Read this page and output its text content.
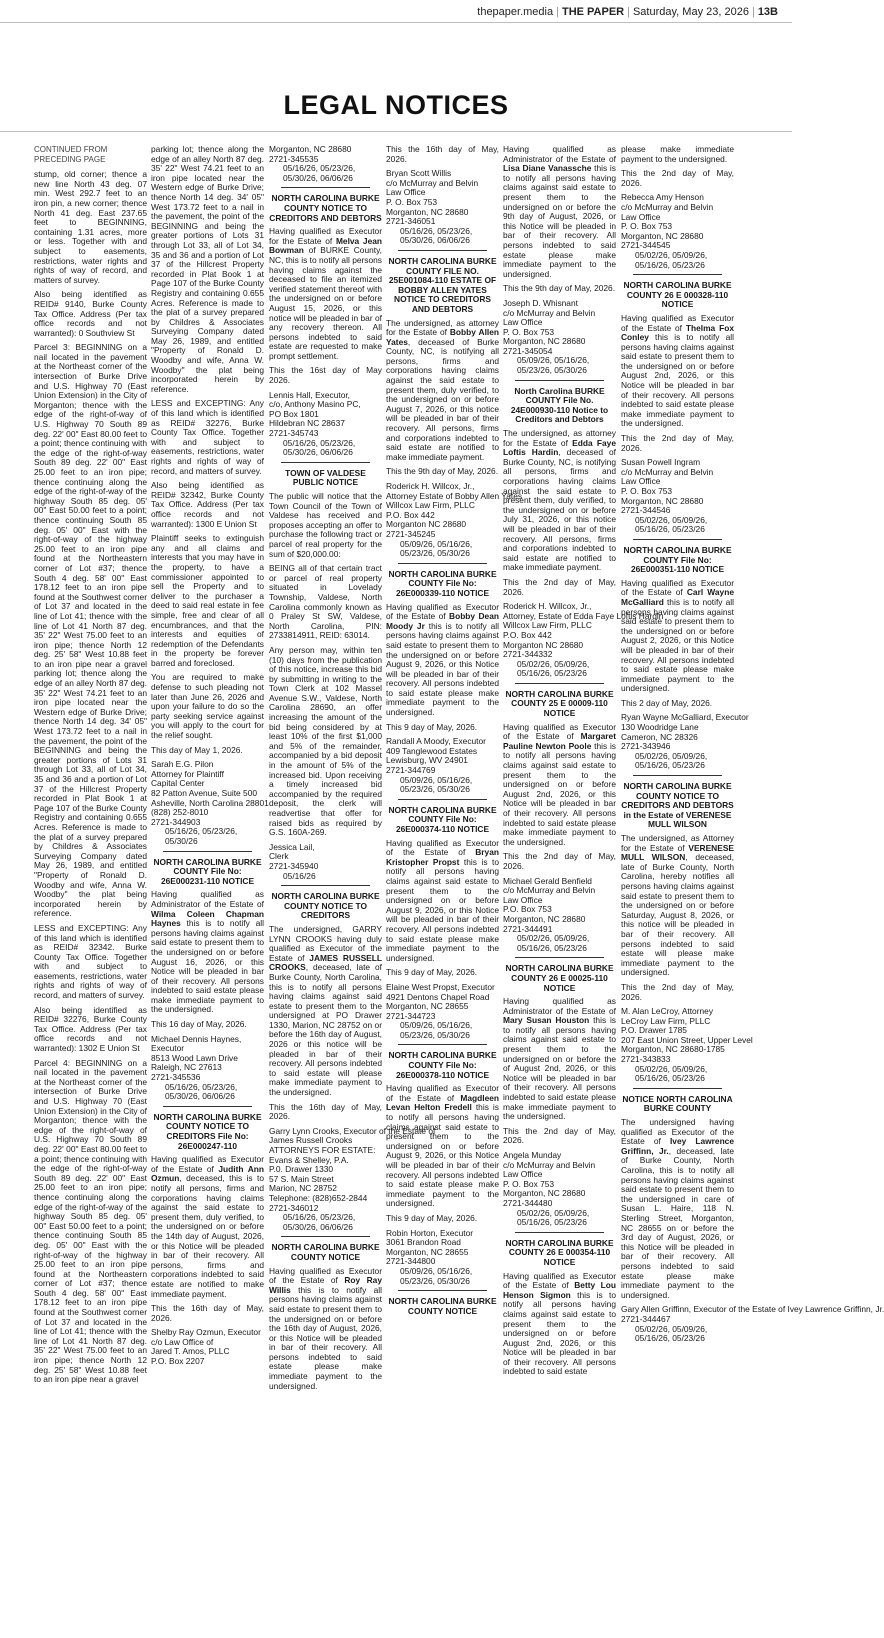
thepaper.media | THE PAPER | Saturday, May 23, 2026 | 13B
LEGAL NOTICES
CONTINUED FROM PRECEDING PAGE

stump, old corner; thence a new line North 43 deg. 07 min. West 292.7 feet to an iron pin, a new corner; thence North 41 deg. East 237.65 feet to BEGINNING, containing 1.31 acres, more or less. Together with and subject to easements, restrictions, water rights and rights of way of record, and matters of survey.

Also being identified as REID# 9140, Burke County Tax Office. Address (Per tax office records and not warranted): 0 Southview St

Parcel 3: BEGINNING on a nail located in the pavement at the Northeast corner of the intersection of Burke Drive and U.S. Highway 70 (East Union Extension) in the City of Morganton; thence with the edge of the right-of-way of U.S. Highway 70 South 89 deg. 22' 00" East 80.00 feet to a point; thence continuing with the edge of the right-of-way South 89 deg. 22' 00" East 25.00 feet to an iron pipe; thence continuing along the edge of the right-of-way of the highway South 85 deg. 05' 00" East 50.00 feet to a point; thence continuing South 85 deg. 05' 00" East with the right-of-way of the highway 25.00 feet to an iron pipe found at the Northeastern corner of Lot #37; thence South 4 deg. 58' 00" East 178.12 feet to an iron pipe found at the Southwest corner of Lot 37 and located in the line of Lot 41; thence with the line of Lot 41 North 87 deg. 35' 22" West 75.00 feet to an iron pipe; thence North 12 deg. 25' 58" West 10.88 feet to an iron pipe near a gravel parking lot; thence along the edge of an alley North 87 deg. 35' 22" West 74.21 feet to an iron pipe located near the Western edge of Burke Drive; thence North 14 deg. 34' 05" West 173.72 feet to a nail in the pavement, the point of the BEGINNING and being the greater portions of Lots 31 through Lot 33, all of Lot 34, 35 and 36 and a portion of Lot 37 of the Hillcrest Property recorded in Plat Book 1 at Page 107 of the Burke County Registry and containing 0.655 Acres. Reference is made to the plat of a survey prepared by Childres & Associates Surveying Company dated May 26, 1989, and entitled "Property of Ronald D. Woodby and wife, Anna W. Woodby" the plat being incorporated herein by reference.

LESS and EXCEPTING: Any of this land which is identified as REID# 32342. Burke County Tax Office. Together with and subject to easements, restrictions, water rights and rights of way of record, and matters of survey.

Also being identified as REID# 32276, Burke County Tax Office. Address (Per tax office records and not warranted): 1302 E Union St

Parcel 4: BEGINNING on a nail located in the pavement at the Northeast corner of the intersection of Burke Drive and U.S. Highway 70 (East Union Extension) in the City of Morganton; thence with the edge of the right-of-way of U.S. Highway 70 South 89 deg. 22' 00" East 80.00 feet to a point; thence continuing with the edge of the right-of-way South 89 deg. 22' 00" East 25.00 feet to an iron pipe; thence continuing along the edge of the right-of-way of the highway South 85 deg. 05' 00" East 50.00 feet to a point; thence continuing South 85 deg. 05' 00" East with the right-of-way of the highway 25.00 feet to an iron pipe found at the Northeastern corner of Lot #37; thence South 4 deg. 58' 00" East 178.12 feet to an iron pipe found at the Southwest corner of Lot 37 and located in the line of Lot 41; thence with the line of Lot 41 North 87 deg. 35' 22" West 75.00 feet to an iron pipe; thence North 12 deg. 25' 58" West 10.88 feet to an iron pipe near a gravel

parking lot; thence along the edge of an alley North 87 deg. 35' 22" West 74.21 feet to an iron pipe located near the Western edge of Burke Drive; thence North 14 deg. 34' 05" West 173.72 feet to a nail in the pavement, the point of the BEGINNING and being the greater portions of Lots 31 through Lot 33, all of Lot 34, 35 and 36 and a portion of Lot 37 of the Hillcrest Property recorded in Plat Book 1 at Page 107 of the Burke County Registry and containing 0.655 Acres. Reference is made to the plat of a survey prepared by Childres & Associates Surveying Company dated May 26, 1989, and entitled "Property of Ronald D. Woodby and wife, Anna W. Woodby" the plat being incorporated herein by reference.

LESS and EXCEPTING: Any of this land which is identified as REID# 32276, Burke County Tax Office. Together with and subject to easements, restrictions, water rights and rights of way of record, and matters of survey.

Also being identified as REID# 32342, Burke County Tax Office. Address (Per tax office records and not warranted): 1300 E Union St

Plaintiff seeks to extinguish any and all claims and interests that you may have in the property, to have a commissioner appointed to sell the Property and to deliver to the purchaser a deed to said real estate in fee simple, free and clear of all encumbrances, and that the interests and equities of redemption of the Defendants in the property be forever barred and foreclosed.

You are required to make defense to such pleading not later than June 26, 2026 and upon your failure to do so the party seeking service against you will apply to the court for the relief sought.

This day of May 1, 2026.

Sarah E.G. Pilon
Attorney for Plaintiff
Capital Center
82 Patton Avenue, Suite 500
Asheville, North Carolina 28801
(828) 252-8010
2721-344903
05/16/26, 05/23/26, 05/30/26
NORTH CAROLINA BURKE COUNTY File No: 26E000231-110 NOTICE

Having qualified as Administrator of the Estate of Wilma Coleen Chapman Haynes this is to notify all persons having claims against said estate to present them to the undersigned on or before August 16, 2026, or this Notice will be pleaded in bar of their recovery. All persons indebted to said estate please make immediate payment to the undersigned.

This 16 day of May, 2026.

Michael Dennis Haynes,
Executor
8513 Wood Lawn Drive
Raleigh, NC 27613
2721-345536
05/16/26, 05/23/26, 05/30/26, 06/06/26
NORTH CAROLINA BURKE COUNTY NOTICE TO CREDITORS File No: 26E000247-110

Having qualified as Executor of the Estate of Judith Ann Ozmun, deceased, this is to notify all persons, firms and corporations having claims against the said estate to present them, duly verified, to the undersigned on or before the 14th day of August, 2026, or this Notice will be pleaded in bar of their recovery. All persons, firms and corporations indebted to said estate are notified to make immediate payment.

This the 16th day of May, 2026.

Shelby Ray Ozmun, Executor
c/o Law Office of
Jared T. Amos, PLLC
P.O. Box 2207
Morganton, NC 28680
2721-345535
05/16/26, 05/23/26, 05/30/26, 06/06/26
NORTH CAROLINA BURKE COUNTY NOTICE TO CREDITORS AND DEBTORS

Having qualified as Executor for the Estate of Melva Jean Bowman of BURKE County, NC, this is to notify all persons having claims against the deceased to file an itemized verified statement thereof with the undersigned on or before August 15, 2026, or this notice will be pleaded in bar of any recovery thereon. All persons indebted to said estate are requested to make prompt settlement.

This the 16st day of May 2026.

Lennis Hall, Executor,
c/o, Anthony Masino PC,
PO Box 1801
Hildebran NC 28637
2721-345743
05/16/26, 05/23/26, 05/30/26, 06/06/26
TOWN OF VALDESE PUBLIC NOTICE

The public will notice that the Town Council of the Town of Valdese has received and proposes accepting an offer to purchase the following tract or parcel of real property for the sum of $20,000.00:

BEING all of that certain tract or parcel of real property situated in Lovelady Township, Valdese, North Carolina commonly known as 0 Praley St SW, Valdese, North Carolina, PIN: 2733814911, REID: 63014.

Any person may, within ten (10) days from the publication of this notice, increase this bid by submitting in writing to the Town Clerk at 102 Massel Avenue S.W., Valdese, North Carolina 28690, an offer increasing the amount of the bid being considered by at least 10% of the first $1,000 and 5% of the remainder, accompanied by a bid deposit in the amount of 5% of the increased bid. Upon receiving a timely increased bid accompanied by the required deposit, the clerk will readvertise that offer for raised bids as required by G.S. 160A-269.

Jessica Lail,
Clerk
2721-345940
05/16/26
NORTH CAROLINA BURKE COUNTY NOTICE TO CREDITORS

The undersigned, GARRY LYNN CROOKS having duly qualified as Executor of the Estate of JAMES RUSSELL CROOKS, deceased, late of Burke County, North Carolina, this is to notify all persons having claims against said estate to present them to the undersigned at PO Drawer 1330, Marion, NC 28752 on or before the 16th day of August, 2026 or this notice will be pleaded in bar of their recovery. All persons indebted to said estate will please make immediate payment to the undersigned.

This the 16th day of May, 2026.

Garry Lynn Crooks, Executor of the Estate of
James Russell Crooks
ATTORNEYS FOR ESTATE:
Evans & Shelley, P.A.
P.0. Drawer 1330
57 S. Main Street
Marion, NC 28752
Telephone: (828)652-2844
2721-346012
05/16/26, 05/23/26, 05/30/26, 06/06/26
NORTH CAROLINA BURKE COUNTY NOTICE

Having qualified as Executor of the Estate of Roy Ray Willis this is to notify all persons having claims against said estate to present them to the undersigned on or before the 16th day of August, 2026, or this Notice will be pleaded in bar of their recovery. All persons indebted to said estate please make immediate payment to the undersigned.

This the 16th day of May, 2026.

Bryan Scott Willis
c/o McMurray and Belvin
Law Office
P. O. Box 753
Morganton, NC 28680
2721-346051
05/16/26, 05/23/26, 05/30/26, 06/06/26
NORTH CAROLINA BURKE COUNTY FILE NO. 25E001084-110 ESTATE OF BOBBY ALLEN YATES NOTICE TO CREDITORS AND DEBTORS

The undersigned, as attorney for the Estate of Bobby Allen Yates, deceased of Burke County, NC, is notifying all persons, firms and corporations having claims against the said estate to present them, duly verified, to the undersigned on or before August 7, 2026, or this notice will be pleaded in bar of their recovery. All persons, firms and corporations indebted to said estate are notified to make immediate payment.

This the 9th day of May, 2026.

Roderick H. Willcox, Jr.,
Attorney Estate of Bobby Allen Yates
Willcox Law Firm, PLLC
P.O. Box 442
Morganton NC 28680
2721-345245
05/09/26, 05/16/26, 05/23/26, 05/30/26
NORTH CAROLINA BURKE COUNTY File No: 26E000339-110 NOTICE

Having qualified as Executor of the Estate of Bobby Dean Moody Jr this is to notify all persons having claims against said estate to present them to the undersigned on or before August 9, 2026, or this Notice will be pleaded in bar of their recovery. All persons indebted to said estate please make immediate payment to the undersigned.

This 9 day of May, 2026.

Randall A Moody, Executor
409 Tanglewood Estates
Lewisburg, WV 24901
2721-344769
05/09/26, 05/16/26, 05/23/26, 05/30/26
NORTH CAROLINA BURKE COUNTY File No: 26E000374-110 NOTICE

Having qualified as Executor of the Estate of Bryan Kristopher Propst this is to notify all persons having claims against said estate to present them to the undersigned on or before August 9, 2026, or this Notice will be pleaded in bar of their recovery. All persons indebted to said estate please make immediate payment to the undersigned.

This 9 day of May, 2026.

Elaine West Propst, Executor
4921 Dentons Chapel Road
Morganton, NC 28655
2721-344723
05/09/26, 05/16/26, 05/23/26, 05/30/26
NORTH CAROLINA BURKE COUNTY File No: 26E000378-110 NOTICE

Having qualified as Executor of the Estate of Magdleen Levan Helton Fredell this is to notify all persons having claims against said estate to present them to the undersigned on or before August 9, 2026, or this Notice will be pleaded in bar of their recovery. All persons indebted to said estate please make immediate payment to the undersigned.

This 9 day of May, 2026.

Robin Horton, Executor
3061 Brandon Road
Morganton, NC 28655
2721-344800
05/09/26, 05/16/26, 05/23/26, 05/30/26
NORTH CAROLINA BURKE COUNTY NOTICE

Having qualified as Administrator of the Estate of Lisa Diane Vanassche this is to notify all persons having claims against said estate to present them to the undersigned on or before the 9th day of August, 2026, or this Notice will be pleaded in bar of their recovery. All persons indebted to said estate please make immediate payment to the undersigned.

This the 9th day of May, 2026.

Joseph D. Whisnant
c/o McMurray and Belvin
Law Office
P. O. Box 753
Morganton, NC 28680
2721-345054
05/09/26, 05/16/26, 05/23/26, 05/30/26
North Carolina BURKE COUNTY File No. 24E000930-110 Notice to Creditors and Debtors

The undersigned, as attorney for the Estate of Edda Faye Loftis Hardin, deceased of Burke County, NC, is notifying all persons, firms and corporations having claims against the said estate to present them, duly verified, to the undersigned on or before July 31, 2026, or this notice will be pleaded in bar of their recovery. All persons, firms and corporations indebted to said estate are notified to make immediate payment.

This the 2nd day of May, 2026.

Roderick H. Willcox, Jr.,
Attorney, Estate of Edda Faye Loftis Hardin
Willcox Law Firm, PLLC
P.O. Box 442
Morganton NC 28680
2721-344332
05/02/26, 05/09/26, 05/16/26, 05/23/26
NORTH CAROLINA BURKE COUNTY 25 E 00009-110 NOTICE

Having qualified as Executor of the Estate of Margaret Pauline Newton Poole this is to notify all persons having claims against said estate to present them to the undersigned on or before August 2nd, 2026, or this Notice will be pleaded in bar of their recovery. All persons indebted to said estate please make immediate payment to the undersigned.

This the 2nd day of May, 2026.

Michael Gerald Benfield
c/o McMurray and Belvin
Law Office
P.O. Box 753
Morganton, NC 28680
2721-344491
05/02/26, 05/09/26, 05/16/26, 05/23/26
NORTH CAROLINA BURKE COUNTY 26 E 00025-110 NOTICE

Having qualified as Administrator of the Estate of Mary Susan Houston this is to notify all persons having claims against said estate to present them to the undersigned on or before the of August 2nd, 2026, or this Notice will be pleaded in bar of their recovery. All persons indebted to said estate please make immediate payment to the undersigned.

This the 2nd day of May, 2026.

Angela Munday
c/o McMurray and Belvin
Law Office
P. O. Box 753
Morganton, NC 28680
2721-344480
05/02/26, 05/09/26, 05/16/26, 05/23/26
NORTH CAROLINA BURKE COUNTY 26 E 000354-110 NOTICE

Having qualified as Executor of the Estate of Betty Lou Henson Sigmon this is to notify all persons having claims against said estate to present them to the undersigned on or before August 2nd, 2026, or this Notice will be pleaded in bar of their recovery. All persons indebted to said estate

please make immediate payment to the undersigned.

This the 2nd day of May, 2026.

Rebecca Amy Henson
c/o McMurray and Belvin
Law Office
P. O. Box 753
Morganton, NC 28680
2721-344545
05/02/26, 05/09/26, 05/16/26, 05/23/26
NORTH CAROLINA BURKE COUNTY 26 E 000328-110 NOTICE

Having qualified as Executor of the Estate of Thelma Fox Conley this is to notify all persons having claims against said estate to present them to the undersigned on or before August 2nd, 2026, or this Notice will be pleaded in bar of their recovery. All persons indebted to said estate please make immediate payment to the undersigned.

This the 2nd day of May, 2026.

Susan Powell Ingram
c/o McMurray and Belvin
Law Office
P. O. Box 753
Morganton, NC 28680
2721-344546
05/02/26, 05/09/26, 05/16/26, 05/23/26
NORTH CAROLINA BURKE COUNTY File No: 26E000351-110 NOTICE

Having qualified as Executor of the Estate of Carl Wayne McGalliard this is to notify all persons having claims against said estate to present them to the undersigned on or before August 2, 2026, or this Notice will be pleaded in bar of their recovery. All persons indebted to said estate please make immediate payment to the undersigned.

This 2 day of May, 2026.

Ryan Wayne McGalliard, Executor
130 Woodridge Lane
Cameron, NC 28326
2721-343946
05/02/26, 05/09/26, 05/16/26, 05/23/26
NORTH CAROLINA BURKE COUNTY NOTICE TO CREDITORS AND DEBTORS in the Estate of VERENESE MULL WILSON

The undersigned, as Attorney for the Estate of VERENESE MULL WILSON, deceased, late of Burke County, North Carolina, hereby notifies all persons having claims against said estate to present them to the undersigned on or before Saturday, August 8, 2026, or this notice will be pleaded in bar of their recovery. All persons indebted to said estate will please make immediate payment to the undersigned.

This the 2nd day of May, 2026.

M. Alan LeCroy, Attorney
LeCroy Law Firm, PLLC
P.O. Drawer 1785
207 East Union Street, Upper Level
Morganton, NC 28680-1785
2721-343833
05/02/26, 05/09/26, 05/16/26, 05/23/26
NOTICE NORTH CAROLINA BURKE COUNTY

The undersigned having qualified as Executor of the Estate of Ivey Lawrence Griffinn, Jr., deceased, late of Burke County, North Carolina, this is to notify all persons having claims against said estate to present them to the undersigned in care of Susan L. Haire, 118 N. Sterling Street, Morganton, NC 28655 on or before the 3rd day of August, 2026, or this Notice will be pleaded in bar of their recovery. All persons indebted to said estate please make immediate payment to the undersigned.

Gary Allen Griffinn, Executor of the Estate of Ivey Lawrence Griffinn, Jr.
2721-344467
05/02/26, 05/09/26, 05/16/26, 05/23/26
